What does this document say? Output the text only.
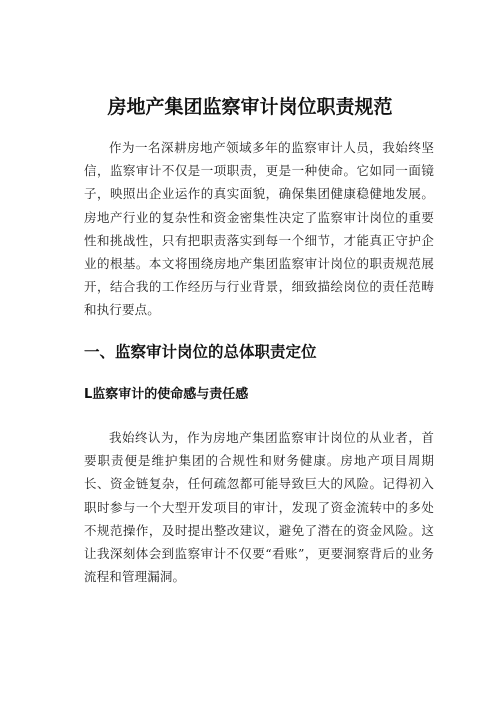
房地产集团监察审计岗位职责规范

作为一名深耕房地产领域多年的监察审计人员，我始终坚信，监察审计不仅是一项职责，更是一种使命。它如同一面镜子，映照出企业运作的真实面貌，确保集团健康稳健地发展。房地产行业的复杂性和资金密集性决定了监察审计岗位的重要性和挑战性，只有把职责落实到每一个细节，才能真正守护企业的根基。本文将围绕房地产集团监察审计岗位的职责规范展开，结合我的工作经历与行业背景，细致描绘岗位的责任范畴和执行要点。

一、监察审计岗位的总体职责定位
L监察审计的使命感与责任感

我始终认为，作为房地产集团监察审计岗位的从业者，首要职责便是维护集团的合规性和财务健康。房地产项目周期长、资金链复杂，任何疏忽都可能导致巨大的风险。记得初入职时参与一个大型开发项目的审计，发现了资金流转中的多处不规范操作，及时提出整改建议，避免了潜在的资金风险。这让我深刻体会到监察审计不仅要“看账”，更要洞察背后的业务流程和管理漏洞。
